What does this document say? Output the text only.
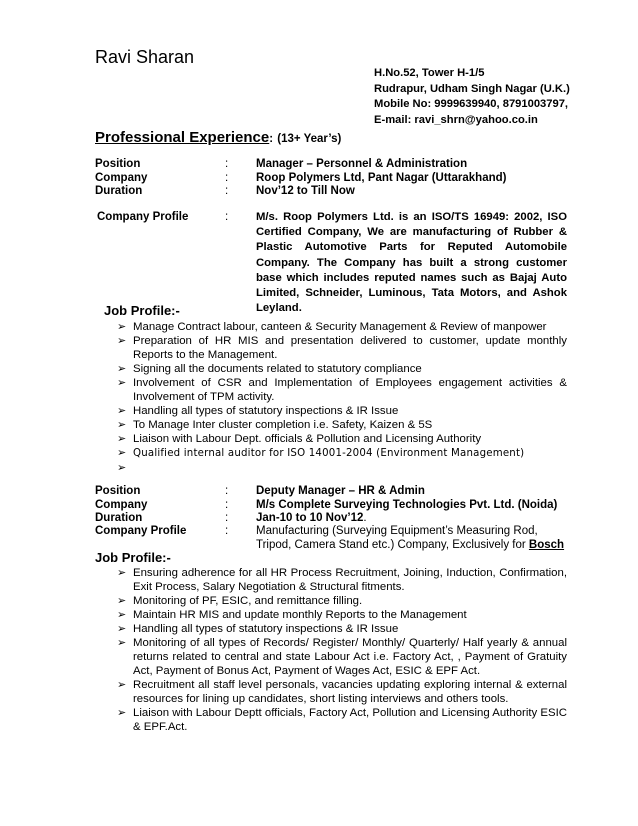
Ravi Sharan
H.No.52, Tower H-1/5
Rudrapur, Udham Singh Nagar (U.K.)
Mobile No: 9999639940, 8791003797,
E-mail: ravi_shrn@yahoo.co.in
Professional Experience: (13+ Year’s)
Position	: Manager – Personnel & Administration
Company	: Roop Polymers Ltd, Pant Nagar (Uttarakhand)
Duration	: Nov’12 to Till Now
Company Profile	: M/s. Roop Polymers Ltd. is an ISO/TS 16949: 2002, ISO Certified Company, We are manufacturing of Rubber & Plastic Automotive Parts for Reputed Automobile Company. The Company has built a strong customer base which includes reputed names such as Bajaj Auto Limited, Schneider, Luminous, Tata Motors, and Ashok Leyland.
Job Profile:-
➢ Manage Contract labour, canteen & Security Management & Review of manpower
➢ Preparation of HR MIS and presentation delivered to customer, update monthly Reports to the Management.
➢ Signing all the documents related to statutory compliance
➢ Involvement of CSR and Implementation of Employees engagement activities & Involvement of TPM activity.
➢ Handling all types of statutory inspections & IR Issue
➢ To Manage Inter cluster completion i.e. Safety, Kaizen & 5S
➢ Liaison with Labour Dept. officials & Pollution and Licensing Authority
➢ Qualified internal auditor for ISO 14001-2004 (Environment Management)
➢

Position	: Deputy Manager – HR & Admin
Company	: M/s Complete Surveying Technologies Pvt. Ltd. (Noida)
Duration	: Jan-10 to 10 Nov’12.
Company Profile	: Manufacturing (Surveying Equipment’s Measuring Rod,
Tripod, Camera Stand etc.) Company, Exclusively for Bosch
Job Profile:-
➢ Ensuring adherence for all HR Process Recruitment, Joining, Induction, Confirmation, Exit Process, Salary Negotiation & Structural fitments.
➢ Monitoring of PF, ESIC, and remittance filling.
➢ Maintain HR MIS and update monthly Reports to the Management
➢ Handling all types of statutory inspections & IR Issue
➢ Monitoring of all types of Records/ Register/ Monthly/ Quarterly/ Half yearly & annual returns related to central and state Labour Act i.e. Factory Act, , Payment of Gratuity Act, Payment of Bonus Act, Payment of Wages Act, ESIC & EPF Act.
➢ Recruitment all staff level personals, vacancies updating exploring internal & external resources for lining up candidates, short listing interviews and others tools.
➢ Liaison with Labour Deptt officials, Factory Act, Pollution and Licensing Authority ESIC & EPF.Act.
